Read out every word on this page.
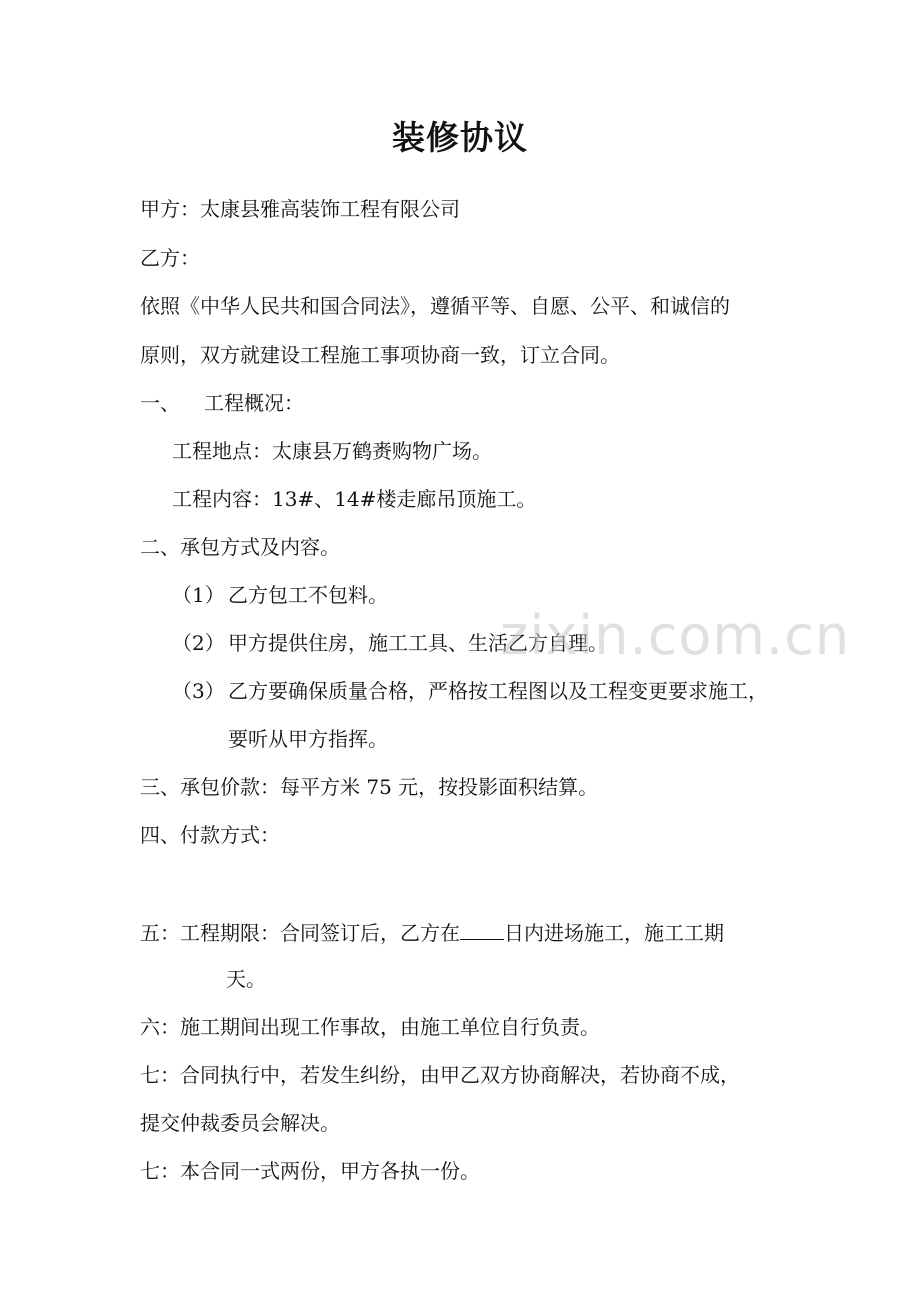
装修协议
甲方：太康县雅高装饰工程有限公司
乙方：
依照《中华人民共和国合同法》，遵循平等、自愿、公平、和诚信的
原则，双方就建设工程施工事项协商一致，订立合同。
一、 工程概况：
工程地点：太康县万鹤赉购物广场。
工程内容：13#、14#楼走廊吊顶施工。
二、承包方式及内容。
（1） 乙方包工不包料。
（2） 甲方提供住房，施工工具、生活乙方自理。
（3） 乙方要确保质量合格，严格按工程图以及工程变更要求施工，
要听从甲方指挥。
三、承包价款：每平方米 75 元，按投影面积结算。
四、付款方式：
五：工程期限：合同签订后，乙方在 日内进场施工，施工工期
天。
六：施工期间出现工作事故，由施工单位自行负责。
七：合同执行中，若发生纠纷，由甲乙双方协商解决，若协商不成，
提交仲裁委员会解决。
七：本合同一式两份，甲方各执一份。
zixin.com.cn
